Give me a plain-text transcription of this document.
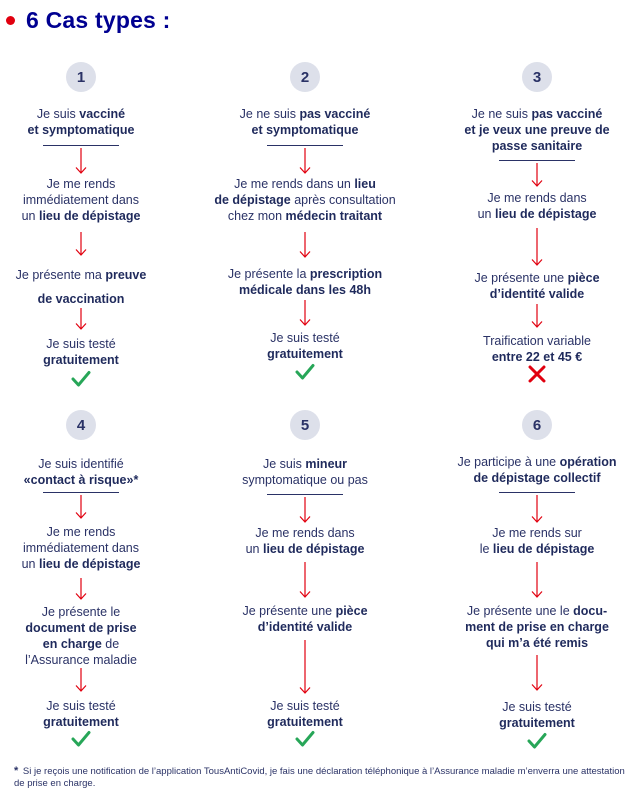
6 Cas types :
1
Je suis vacciné
et symptomatique
Je me rends
immédiatement dans
un lieu de dépistage
Je présente ma preuve
de vaccination
Je suis testé
gratuitement
2
Je ne suis pas vacciné
et symptomatique
Je me rends dans un lieu
de dépistage après consultation
chez mon médecin traitant
Je présente la prescription
médicale dans les 48h
Je suis testé
gratuitement
3
Je ne suis pas vacciné
et je veux une preuve de
passe sanitaire
Je me rends dans
un lieu de dépistage
Je présente une pièce
d’identité valide
Traification variable
entre 22 et 45 €
4
Je suis identifié
«contact à risque»*
Je me rends
immédiatement dans
un lieu de dépistage
Je présente le
document de prise
en charge de
l’Assurance maladie
Je suis testé
gratuitement
5
Je suis mineur
symptomatique ou pas
Je me rends dans
un lieu de dépistage
Je présente une pièce
d’identité valide
Je suis testé
gratuitement
6
Je participe à une opération
de dépistage collectif
Je me rends sur
le lieu de dépistage
Je présente une le docu-
ment de prise en charge
qui m’a été remis
Je suis testé
gratuitement
* Si je reçois une notification de l’application TousAntiCovid, je fais une déclaration téléphonique à l’Assurance maladie m’enverra une attestation de prise en charge.
